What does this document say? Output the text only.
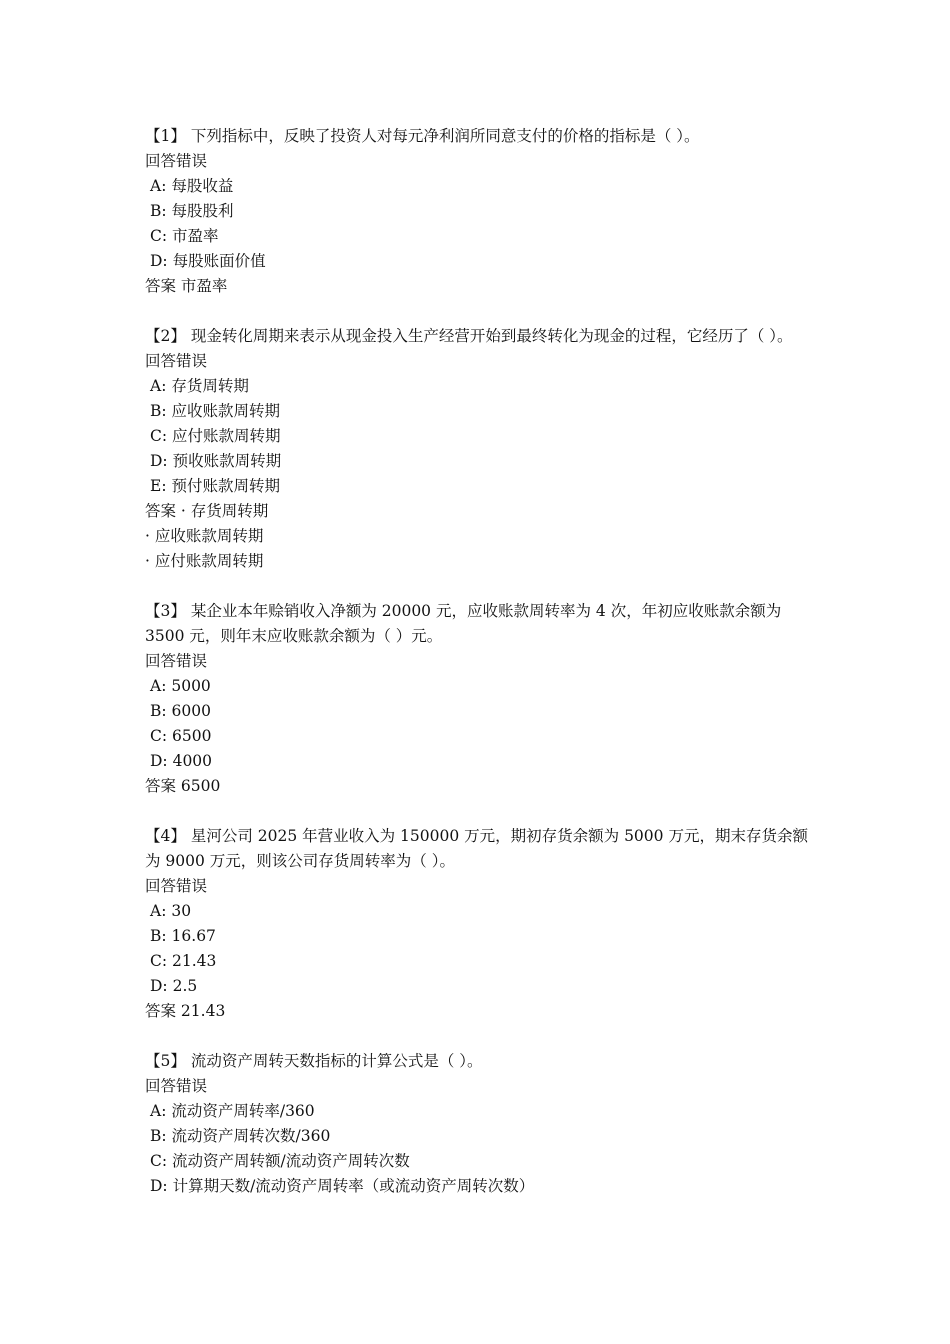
【1】 下列指标中，反映了投资人对每元净利润所同意支付的价格的指标是（ ）。
回答错误
A: 每股收益
B: 每股股利
C: 市盈率
D: 每股账面价值
答案 市盈率
【2】 现金转化周期来表示从现金投入生产经营开始到最终转化为现金的过程，它经历了（ ）。
回答错误
A: 存货周转期
B: 应收账款周转期
C: 应付账款周转期
D: 预收账款周转期
E: 预付账款周转期
答案 · 存货周转期
· 应收账款周转期
· 应付账款周转期
【3】 某企业本年赊销收入净额为 20000 元，应收账款周转率为 4 次，年初应收账款余额为 3500 元，则年末应收账款余额为（ ）元。
回答错误
A: 5000
B: 6000
C: 6500
D: 4000
答案 6500
【4】 星河公司 2025 年营业收入为 150000 万元，期初存货余额为 5000 万元，期末存货余额为 9000 万元，则该公司存货周转率为（ ）。
回答错误
A: 30
B: 16.67
C: 21.43
D: 2.5
答案 21.43
【5】 流动资产周转天数指标的计算公式是（ ）。
回答错误
A: 流动资产周转率/360
B: 流动资产周转次数/360
C: 流动资产周转额/流动资产周转次数
D: 计算期天数/流动资产周转率（或流动资产周转次数）
